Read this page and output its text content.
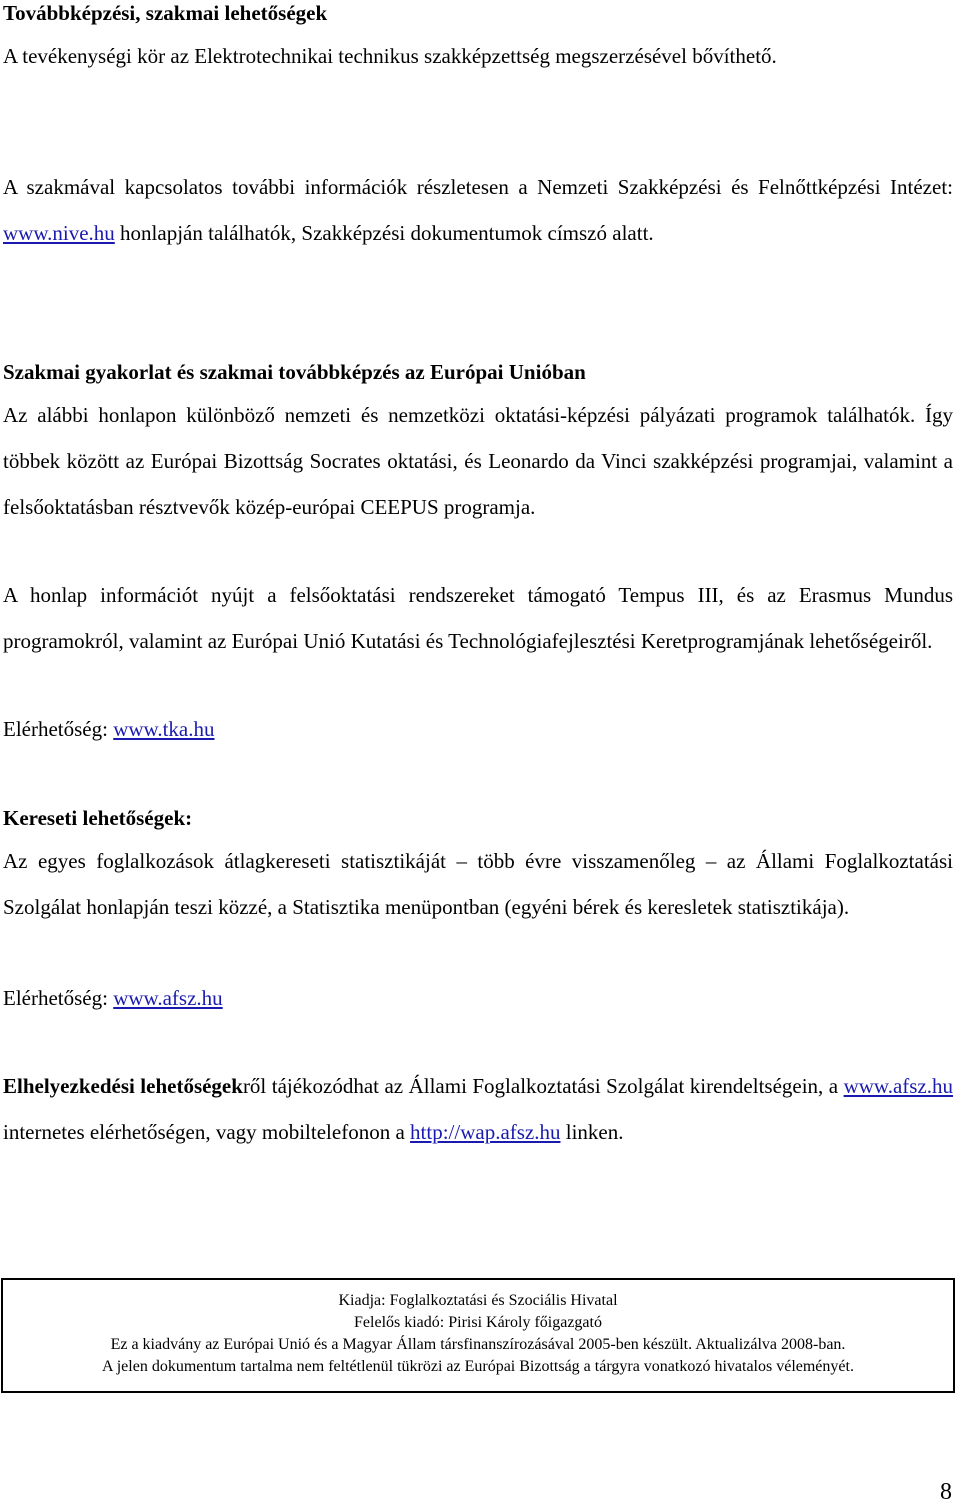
Továbbképzési, szakmai lehetőségek

A tevékenységi kör az Elektrotechnikai technikus szakképzettség megszerzésével bővíthető.

A szakmával kapcsolatos további információk részletesen a Nemzeti Szakképzési és Felnőttképzési Intézet: www.nive.hu honlapján találhatók, Szakképzési dokumentumok címszó alatt.

Szakmai gyakorlat és szakmai továbbképzés az Európai Unióban

Az alábbi honlapon különböző nemzeti és nemzetközi oktatási-képzési pályázati programok találhatók. Így többek között az Európai Bizottság Socrates oktatási, és Leonardo da Vinci szakképzési programjai, valamint a felsőoktatásban résztvevők közép-európai CEEPUS programja.

A honlap információt nyújt a felsőoktatási rendszereket támogató Tempus III, és az Erasmus Mundus programokról, valamint az Európai Unió Kutatási és Technológiafejlesztési Keretprogramjának lehetőségeiről.

Elérhetőség: www.tka.hu

Kereseti lehetőségek:

Az egyes foglalkozások átlagkereseti statisztikáját – több évre visszamenőleg – az Állami Foglalkoztatási Szolgálat honlapján teszi közzé, a Statisztika menüpontban (egyéni bérek és keresletek statisztikája).

Elérhetőség: www.afsz.hu

Elhelyezkedési lehetőségekről tájékozódhat az Állami Foglalkoztatási Szolgálat kirendeltségein, a www.afsz.hu internetes elérhetőségen, vagy mobiltelefonon a http://wap.afsz.hu linken.

Kiadja: Foglalkoztatási és Szociális Hivatal
Felelős kiadó: Pirisi Károly főigazgató
Ez a kiadvány az Európai Unió és a Magyar Állam társfinanszírozásával 2005-ben készült. Aktualizálva 2008-ban.
A jelen dokumentum tartalma nem feltétlenül tükrözi az Európai Bizottság a tárgyra vonatkozó hivatalos véleményét.
8
